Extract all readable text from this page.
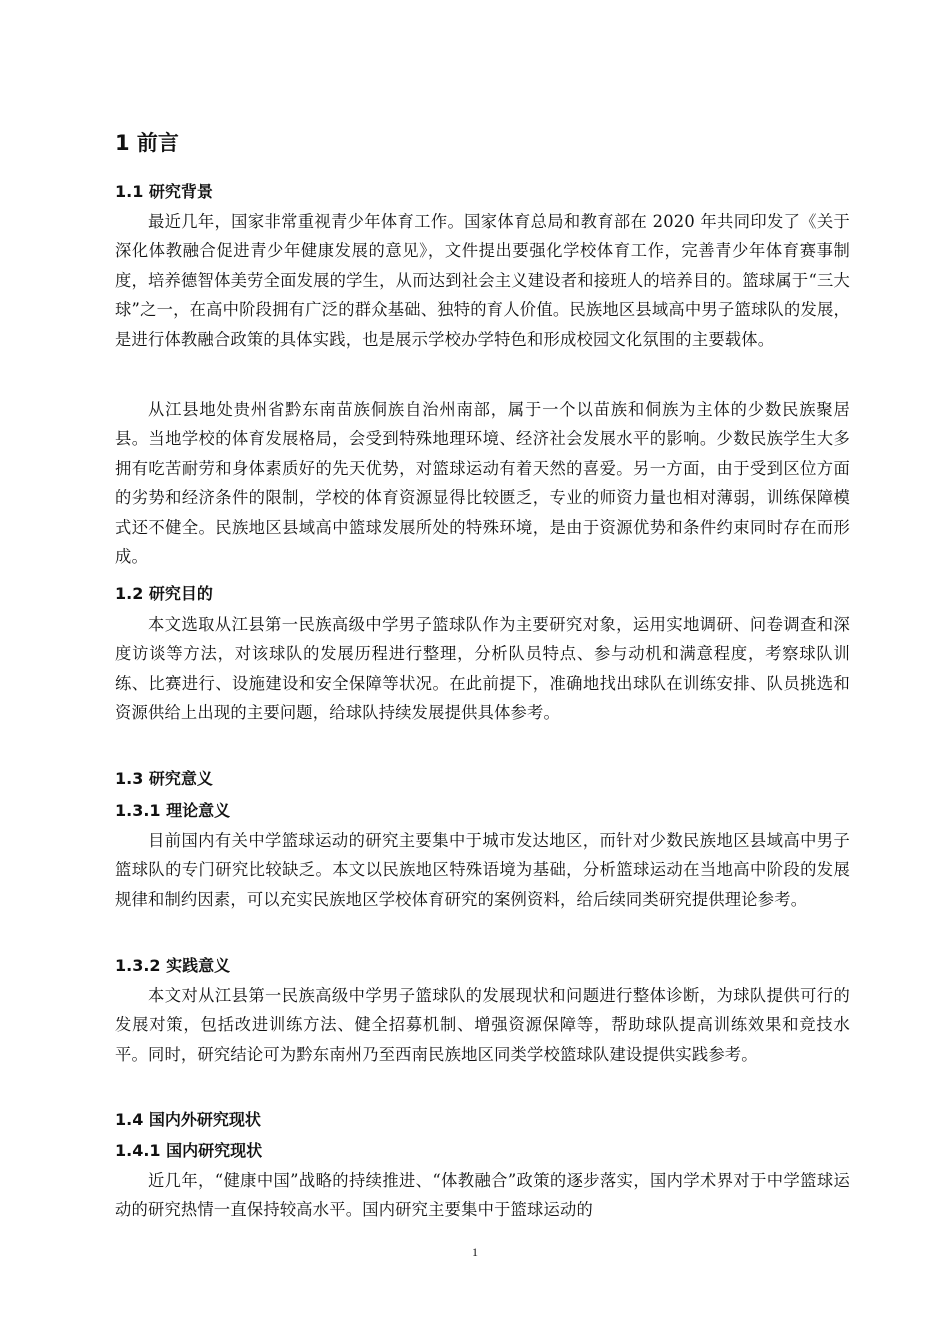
1 前言
1.1 研究背景
最近几年，国家非常重视青少年体育工作。国家体育总局和教育部在 2020 年共同印发了《关于深化体教融合促进青少年健康发展的意见》，文件提出要强化学校体育工作，完善青少年体育赛事制度，培养德智体美劳全面发展的学生，从而达到社会主义建设者和接班人的培养目的。篮球属于“三大球”之一，在高中阶段拥有广泛的群众基础、独特的育人价值。民族地区县域高中男子篮球队的发展，是进行体教融合政策的具体实践，也是展示学校办学特色和形成校园文化氛围的主要载体。
从江县地处贵州省黔东南苗族侗族自治州南部，属于一个以苗族和侗族为主体的少数民族聚居县。当地学校的体育发展格局，会受到特殊地理环境、经济社会发展水平的影响。少数民族学生大多拥有吃苦耐劳和身体素质好的先天优势，对篮球运动有着天然的喜爱。另一方面，由于受到区位方面的劣势和经济条件的限制，学校的体育资源显得比较匮乏，专业的师资力量也相对薄弱，训练保障模式还不健全。民族地区县域高中篮球发展所处的特殊环境，是由于资源优势和条件约束同时存在而形成。
1.2 研究目的
本文选取从江县第一民族高级中学男子篮球队作为主要研究对象，运用实地调研、问卷调查和深度访谈等方法，对该球队的发展历程进行整理，分析队员特点、参与动机和满意程度，考察球队训练、比赛进行、设施建设和安全保障等状况。在此前提下，准确地找出球队在训练安排、队员挑选和资源供给上出现的主要问题，给球队持续发展提供具体参考。
1.3 研究意义
1.3.1 理论意义
目前国内有关中学篮球运动的研究主要集中于城市发达地区，而针对少数民族地区县域高中男子篮球队的专门研究比较缺乏。本文以民族地区特殊语境为基础，分析篮球运动在当地高中阶段的发展规律和制约因素，可以充实民族地区学校体育研究的案例资料，给后续同类研究提供理论参考。
1.3.2 实践意义
本文对从江县第一民族高级中学男子篮球队的发展现状和问题进行整体诊断，为球队提供可行的发展对策，包括改进训练方法、健全招募机制、增强资源保障等，帮助球队提高训练效果和竞技水平。同时，研究结论可为黔东南州乃至西南民族地区同类学校篮球队建设提供实践参考。
1.4 国内外研究现状
1.4.1 国内研究现状
近几年，“健康中国”战略的持续推进、“体教融合”政策的逐步落实，国内学术界对于中学篮球运动的研究热情一直保持较高水平。国内研究主要集中于篮球运动的
1
